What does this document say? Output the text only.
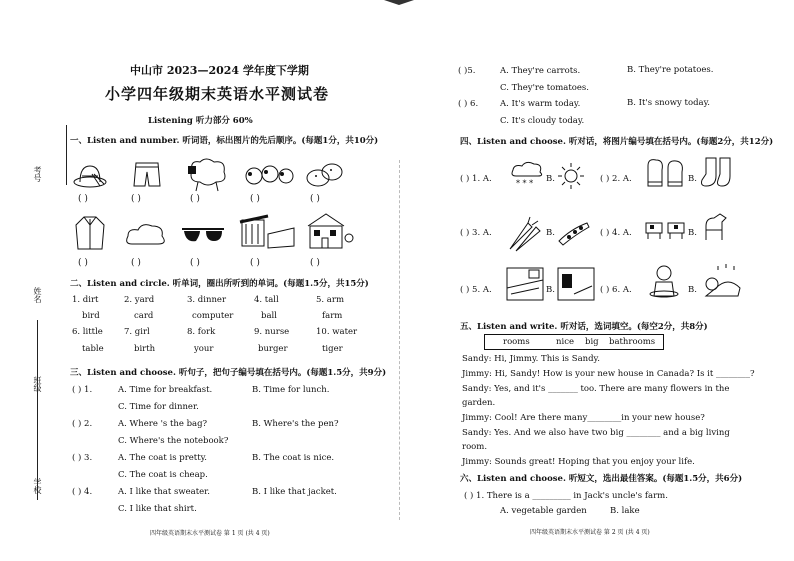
考号
姓名
班级
学校
中山市 2023—2024 学年度下学期
小学四年级期末英语水平测试卷
Listening 听力部分 60%
一、Listen and number. 听词语，标出图片的先后顺序。(每题1分，共10分)
( )	( )	( )	( )	( )
( )	( )	( )	( )	( )
二、Listen and circle. 听单词，圈出所听到的单词。(每题1.5分，共15分)
1. dirt	2. yard	3. dinner	4. tall	5. arm
bird	card	computer	ball	farm
6. little 7. girl	8. fork	9. nurse	10. water
table	birth	your	burger	tiger
三、Listen and choose. 听句子，把句子编号填在括号内。(每题1.5分，共9分)
( ) 1.	A. Time for breakfast.	B. Time for lunch.
C. Time for dinner.
( ) 2.	A. Where 's the bag?	B. Where's the pen?
C. Where's the notebook?
( ) 3.	A. The coat is pretty.	B. The coat is nice.
C. The coat is cheap.
( ) 4.	A. I like that sweater.	B. I like that jacket.
C. I like that shirt.
四年级英语期末水平测试卷 第 1 页 (共 4 页)
( )5.	A. They're carrots.	B. They're potatoes.
C. They're tomatoes.
( ) 6.	A. It's warm today.	B. It's snowy today.
C. It's cloudy today.
四、Listen and choose. 听对话，将图片编号填在括号内。(每题2分，共12分)
( ) 1. A.	* * * B.	( ) 2. A.	B.
( ) 3. A.	B.	( ) 4. A.	B.
( ) 5. A.	B.	( ) 6. A.	B.
五、Listen and write. 听对话，选词填空。(每空2分，共8分)
rooms	nice big bathrooms
Sandy: Hi, Jimmy. This is Sandy.
Jimmy: Hi, Sandy! How is your new house in Canada? Is it ________?
Sandy: Yes, and it's _______ too. There are many flowers in the
garden.
Jimmy: Cool! Are there many________in your new house?
Sandy: Yes. And we also have two big ________ and a big living
room.
Jimmy: Sounds great! Hoping that you enjoy your life.
六、Listen and choose. 听短文，选出最佳答案。(每题1.5分，共6分)
( ) 1. There is a _________ in Jack's uncle's farm.
A. vegetable garden	B. lake
四年级英语期末水平测试卷 第 2 页 (共 4 页)
